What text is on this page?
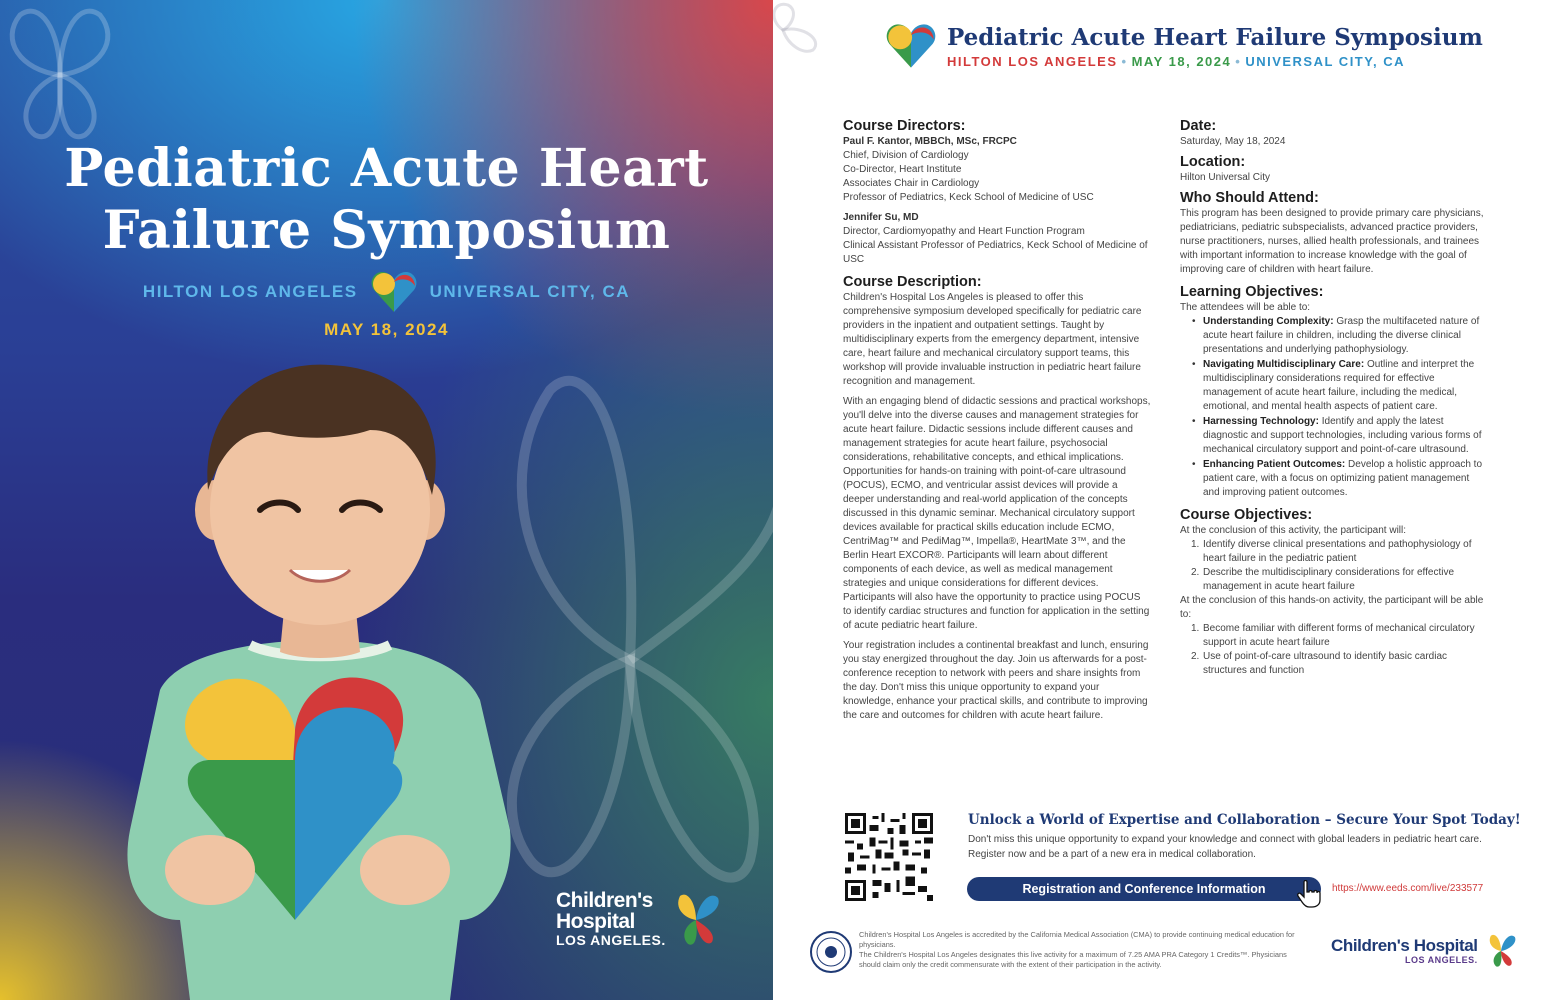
Pediatric Acute Heart Failure Symposium
HILTON LOS ANGELES	UNIVERSAL CITY, CA
MAY 18, 2024
Children's
Hospital
LOS ANGELES.
Pediatric Acute Heart Failure Symposium
HILTON LOS ANGELES • MAY 18, 2024 • UNIVERSAL CITY, CA
Course Directors:
Paul F. Kantor, MBBCh, MSc, FRCPC
Chief, Division of Cardiology
Co-Director, Heart Institute
Associates Chair in Cardiology
Professor of Pediatrics, Keck School of Medicine of USC
Jennifer Su, MD
Director, Cardiomyopathy and Heart Function Program
Clinical Assistant Professor of Pediatrics, Keck School of Medicine of USC
Course Description:
Children's Hospital Los Angeles is pleased to offer this comprehensive symposium developed specifically for pediatric care providers in the inpatient and outpatient settings. Taught by multidisciplinary experts from the emergency department, intensive care, heart failure and mechanical circulatory support teams, this workshop will provide invaluable instruction in pediatric heart failure recognition and management.
With an engaging blend of didactic sessions and practical workshops, you'll delve into the diverse causes and management strategies for acute heart failure. Didactic sessions include different causes and management strategies for acute heart failure, psychosocial considerations, rehabilitative concepts, and ethical implications. Opportunities for hands-on training with point-of-care ultrasound (POCUS), ECMO, and ventricular assist devices will provide a deeper understanding and real-world application of the concepts discussed in this dynamic seminar. Mechanical circulatory support devices available for practical skills education include ECMO, CentriMag™ and PediMag™, Impella®, HeartMate 3™, and the Berlin Heart EXCOR®. Participants will learn about different components of each device, as well as medical management strategies and unique considerations for different devices. Participants will also have the opportunity to practice using POCUS to identify cardiac structures and function for application in the setting of acute pediatric heart failure.
Your registration includes a continental breakfast and lunch, ensuring you stay energized throughout the day. Join us afterwards for a post-conference reception to network with peers and share insights from the day. Don't miss this unique opportunity to expand your knowledge, enhance your practical skills, and contribute to improving the care and outcomes for children with acute heart failure.
Date:
Saturday, May 18, 2024
Location:
Hilton Universal City
Who Should Attend:
This program has been designed to provide primary care physicians, pediatricians, pediatric subspecialists, advanced practice providers, nurse practitioners, nurses, allied health professionals, and trainees with important information to increase knowledge with the goal of improving care of children with heart failure.
Learning Objectives:
The attendees will be able to:
• Understanding Complexity: Grasp the multifaceted nature of acute heart failure in children, including the diverse clinical presentations and underlying pathophysiology.
• Navigating Multidisciplinary Care: Outline and interpret the multidisciplinary considerations required for effective management of acute heart failure, including the medical, emotional, and mental health aspects of patient care.
• Harnessing Technology: Identify and apply the latest diagnostic and support technologies, including various forms of mechanical circulatory support and point-of-care ultrasound.
• Enhancing Patient Outcomes: Develop a holistic approach to patient care, with a focus on optimizing patient management and improving patient outcomes.
Course Objectives:
At the conclusion of this activity, the participant will:
1. Identify diverse clinical presentations and pathophysiology of heart failure in the pediatric patient
2. Describe the multidisciplinary considerations for effective management in acute heart failure
At the conclusion of this hands-on activity, the participant will be able to:
1. Become familiar with different forms of mechanical circulatory support in acute heart failure
2. Use of point-of-care ultrasound to identify basic cardiac structures and function
Unlock a World of Expertise and Collaboration – Secure Your Spot Today!
Don't miss this unique opportunity to expand your knowledge and connect with global leaders in pediatric heart care. Register now and be a part of a new era in medical collaboration.
Registration and Conference Information	https://www.eeds.com/live/233577
Children's Hospital Los Angeles is accredited by the California Medical Association (CMA) to provide continuing medical education for physicians.
The Children's Hospital Los Angeles designates this live activity for a maximum of 7.25 AMA PRA Category 1 Credits™. Physicians should claim only the credit commensurate with the extent of their participation in the activity.
Children's Hospital
LOS ANGELES.
